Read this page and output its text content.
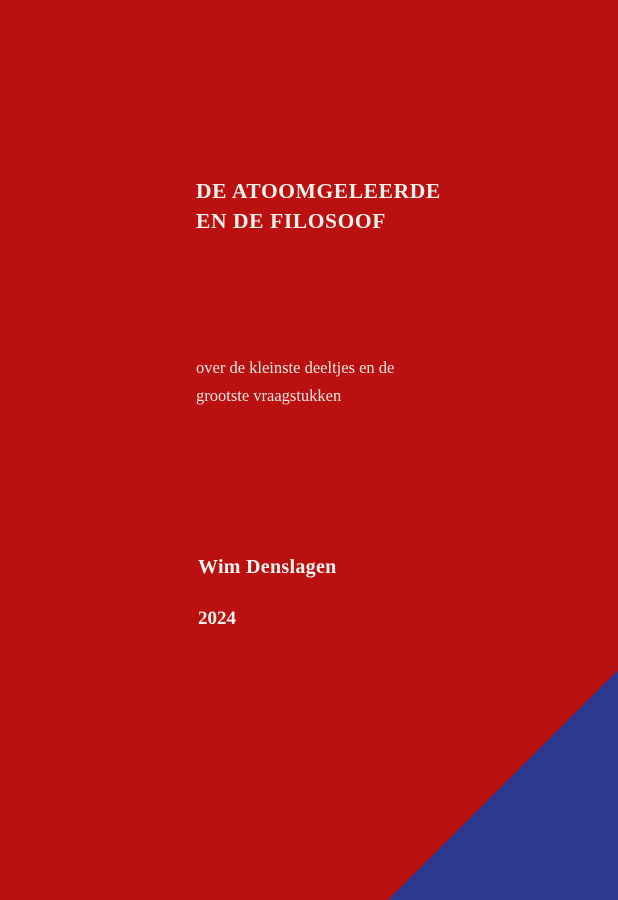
DE ATOOMGELEERDE
EN DE FILOSOOF
over de kleinste deeltjes en de
grootste vraagstukken
Wim Denslagen
2024
